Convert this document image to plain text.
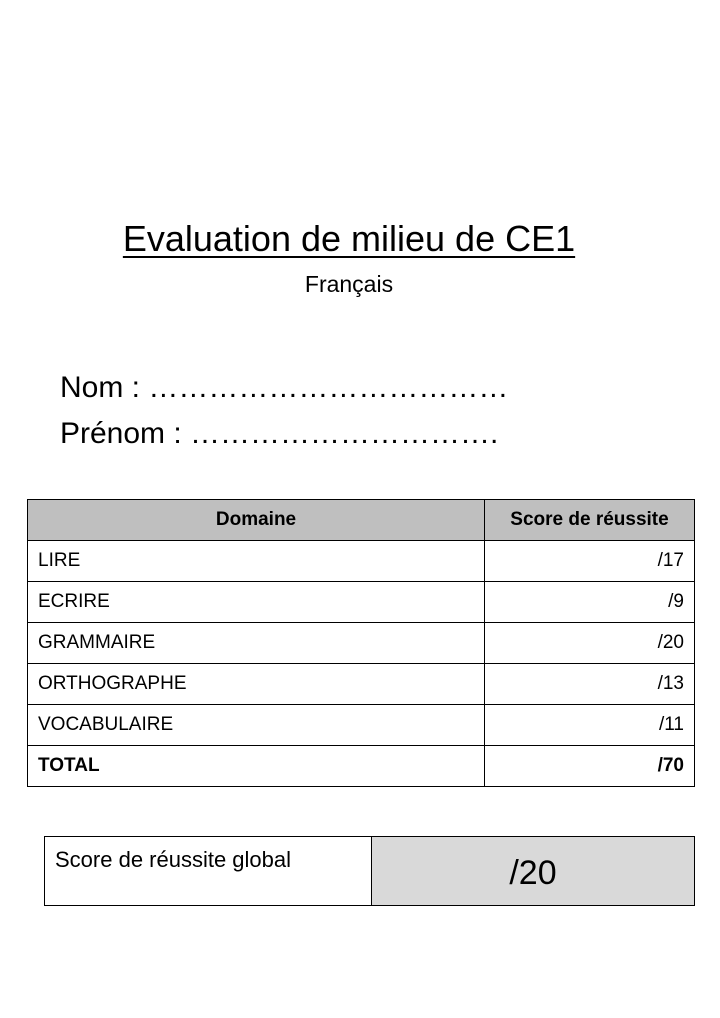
Evaluation de milieu de CE1
Français
Nom : ………………………………
Prénom : ………………………….
Domaine	Score de réussite
LIRE	/17
ECRIRE	/9
GRAMMAIRE	/20
ORTHOGRAPHE	/13
VOCABULAIRE	/11
TOTAL	/70
Score de réussite global	/20
